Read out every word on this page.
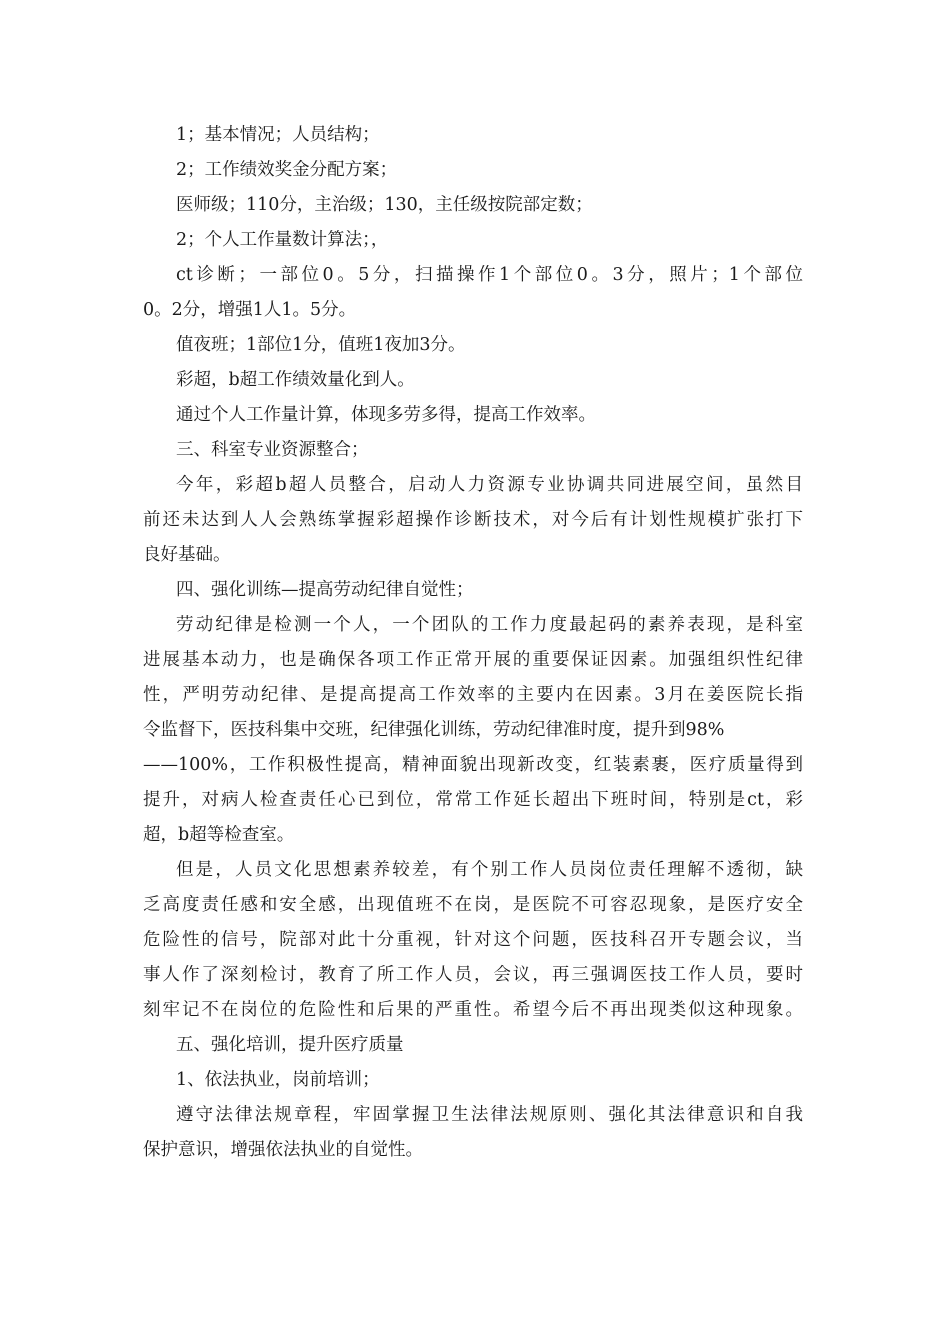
1；基本情况；人员结构；
2；工作绩效奖金分配方案；
医师级；110分，主治级；130，主任级按院部定数；
2；个人工作量数计算法；，
ct诊断；一部位0。5分，扫描操作1个部位0。3分，照片；1个部位
0。2分，增强1人1。5分。
值夜班；1部位1分，值班1夜加3分。
彩超，b超工作绩效量化到人。
通过个人工作量计算，体现多劳多得，提高工作效率。
三、科室专业资源整合；
今年，彩超b超人员整合，启动人力资源专业协调共同进展空间，虽然目
前还未达到人人会熟练掌握彩超操作诊断技术，对今后有计划性规模扩张打下
良好基础。
四、强化训练—提高劳动纪律自觉性；
劳动纪律是检测一个人，一个团队的工作力度最起码的素养表现，是科室
进展基本动力，也是确保各项工作正常开展的重要保证因素。加强组织性纪律
性，严明劳动纪律、是提高提高工作效率的主要内在因素。3月在姜医院长指
令监督下，医技科集中交班，纪律强化训练，劳动纪律准时度，提升到98%
——100%，工作积极性提高，精神面貌出现新改变，红装素裹，医疗质量得到
提升，对病人检查责任心已到位，常常工作延长超出下班时间，特别是ct，彩
超，b超等检查室。
但是，人员文化思想素养较差，有个别工作人员岗位责任理解不透彻，缺
乏高度责任感和安全感，出现值班不在岗，是医院不可容忍现象，是医疗安全
危险性的信号，院部对此十分重视，针对这个问题，医技科召开专题会议，当
事人作了深刻检讨，教育了所工作人员，会议，再三强调医技工作人员，要时
刻牢记不在岗位的危险性和后果的严重性。希望今后不再出现类似这种现象。
五、强化培训，提升医疗质量
1、依法执业，岗前培训；
遵守法律法规章程，牢固掌握卫生法律法规原则、强化其法律意识和自我
保护意识，增强依法执业的自觉性。
